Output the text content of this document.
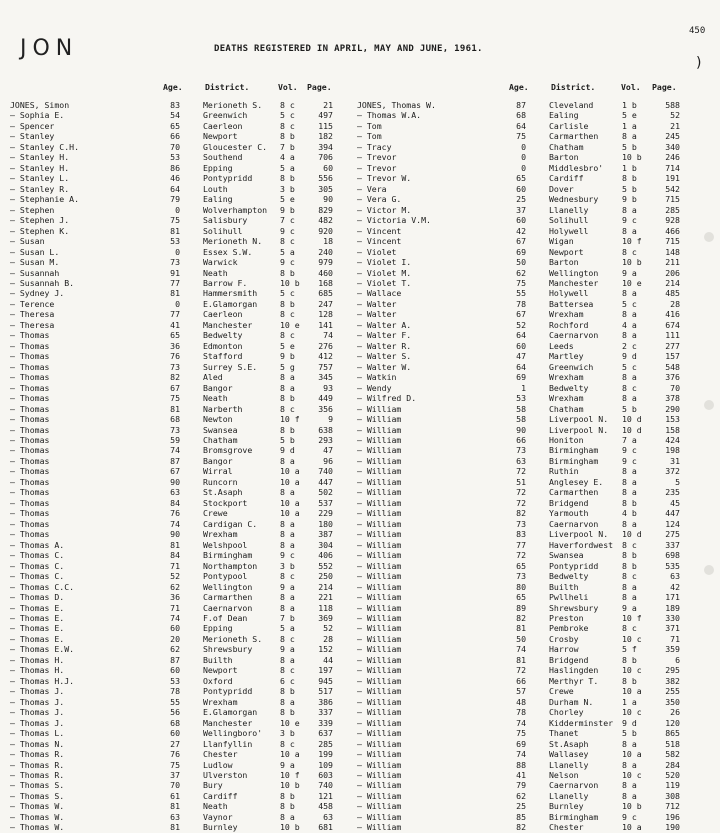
JON	DEATHS REGISTERED IN APRIL, MAY AND JUNE, 1961.
450
)
Age.	District.	Vol. Page.	Age.	District.	Vol. Page.
JONES, Simon	83	Merioneth S. 8 c	21
— Sophia E.	54	Greenwich	5 c	497
— Spencer	65	Caerleon	8 c	115
— Stanley	66	Newport	8 b	182
— Stanley C.H.	70	Gloucester C. 7 b	394
— Stanley H.	53	Southend	4 a	706
— Stanley H.	86	Epping	5 a	60
— Stanley L.	46	Pontypridd	8 b	556
— Stanley R.	64	Louth	3 b	305
— Stephanie A.	79	Ealing	5 e	90
— Stephen	0	Wolverhampton 9 b	829
— Stephen J.	75	Salisbury	7 c	482
— Stephen K.	81	Solihull	9 c	920
— Susan	53	Merioneth N. 8 c	18
— Susan L.	0	Essex S.W.	5 a	240
— Susan M.	73	Warwick	9 c	979
— Susannah	91	Neath	8 b	460
— Susannah B.	77	Barrow F.	10 b	168
— Sydney J.	81	Hammersmith	5 c	685
— Terence	0	E.Glamorgan	8 b	247
— Theresa	77	Caerleon	8 c	128
— Theresa	41	Manchester	10 e	141
— Thomas	65	Bedwelty	8 c	74
— Thomas	36	Edmonton	5 e	276
— Thomas	76	Stafford	9 b	412
— Thomas	73	Surrey S.E.	5 g	757
— Thomas	82	Aled	8 a	345
— Thomas	67	Bangor	8 a	93
— Thomas	75	Neath	8 b	449
— Thomas	81	Narberth	8 c	356
— Thomas	68	Newton	10 f	9
— Thomas	73	Swansea	8 b	638
— Thomas	59	Chatham	5 b	293
— Thomas	74	Bromsgrove	9 d	47
— Thomas	87	Bangor	8 a	96
— Thomas	67	Wirral	10 a	740
— Thomas	90	Runcorn	10 a	447
— Thomas	63	St.Asaph	8 a	502
— Thomas	84	Stockport	10 a	537
— Thomas	76	Crewe	10 a	229
— Thomas	74	Cardigan C.	8 a	180
— Thomas	90	Wrexham	8 a	387
— Thomas A.	81	Welshpool	8 a	304
— Thomas C.	84	Birmingham	9 c	406
— Thomas C.	71	Northampton	3 b	552
— Thomas C.	52	Pontypool	8 c	250
— Thomas C.C.	62	Wellington	9 a	214
— Thomas D.	36	Carmarthen	8 a	221
— Thomas E.	71	Caernarvon	8 a	118
— Thomas E.	74	F.of Dean	7 b	369
— Thomas E.	60	Epping	5 a	52
— Thomas E.	20	Merioneth S. 8 c	28
— Thomas E.W.	62	Shrewsbury	9 a	152
— Thomas H.	87	Builth	8 a	44
— Thomas H.	60	Newport	8 c	197
— Thomas H.J.	53	Oxford	6 c	945
— Thomas J.	78	Pontypridd	8 b	517
— Thomas J.	55	Wrexham	8 a	386
— Thomas J.	56	E.Glamorgan	8 b	337
— Thomas J.	68	Manchester	10 e	339
— Thomas L.	60	Wellingboro' 3 b	637
— Thomas N.	27	Llanfyllin	8 c	285
— Thomas R.	76	Chester	10 a	199
— Thomas R.	75	Ludlow	9 a	109
— Thomas R.	37	Ulverston	10 f	603
— Thomas S.	70	Bury	10 b	740
— Thomas S.	61	Cardiff	8 b	121
— Thomas W.	81	Neath	8 b	458
— Thomas W.	63	Vaynor	8 a	63
— Thomas W.	81	Burnley	10 b	681
JONES, Thomas W.	87	Cleveland	1 b	588
— Thomas W.A.	68	Ealing	5 e	52
— Tom	64	Carlisle	1 a	21
— Tom	75	Carmarthen	8 a	245
— Tracy	0	Chatham	5 b	340
— Trevor	0	Barton	10 b	246
— Trevor	0	Middlesbro' 1 b	714
— Trevor W.	65	Cardiff	8 b	191
— Vera	60	Dover	5 b	542
— Vera G.	25	Wednesbury	9 b	715
— Victor M.	37	Llanelly	8 a	285
— Victoria V.M.	60	Solihull	9 c	928
— Vincent	42	Holywell	8 a	466
— Vincent	67	Wigan	10 f	715
— Violet	69	Newport	8 c	148
— Violet I.	50	Barton	10 b	211
— Violet M.	62	Wellington	9 a	206
— Violet T.	75	Manchester	10 e	214
— Wallace	55	Holywell	8 a	485
— Walter	78	Battersea	5 c	28
— Walter	67	Wrexham	8 a	416
— Walter A.	52	Rochford	4 a	674
— Walter F.	64	Caernarvon	8 a	111
— Walter R.	60	Leeds	2 c	277
— Walter S.	47	Martley	9 d	157
— Walter W.	64	Greenwich	5 c	548
— Watkin	69	Wrexham	8 a	376
— Wendy	1	Bedwelty	8 c	70
— Wilfred D.	53	Wrexham	8 a	378
— William	58	Chatham	5 b	290
— William	58	Liverpool N. 10 d	153
— William	90	Liverpool N. 10 d	158
— William	66	Honiton	7 a	424
— William	73	Birmingham	9 c	198
— William	63	Birmingham	9 c	31
— William	72	Ruthin	8 a	372
— William	51	Anglesey E. 8 a	5
— William	72	Carmarthen	8 a	235
— William	72	Bridgend	8 b	45
— William	82	Yarmouth	4 b	447
— William	73	Caernarvon	8 a	124
— William	83	Liverpool N. 10 d	275
— William	77	Haverfordwest 8 c	337
— William	72	Swansea	8 b	698
— William	65	Pontypridd	8 b	535
— William	73	Bedwelty	8 c	63
— William	80	Builth	8 a	42
— William	65	Pwllheli	8 a	171
— William	89	Shrewsbury	9 a	189
— William	82	Preston	10 f	330
— William	81	Pembroke	8 c	371
— William	50	Crosby	10 c	71
— William	74	Harrow	5 f	359
— William	81	Bridgend	8 b	6
— William	72	Haslingden	10 c	295
— William	66	Merthyr T.	8 b	382
— William	57	Crewe	10 a	255
— William	48	Durham N.	1 a	350
— William	78	Chorley	10 c	26
— William	74	Kidderminster 9 d	120
— William	75	Thanet	5 b	865
— William	69	St.Asaph	8 a	518
— William	74	Wallasey	10 a	582
— William	88	Llanelly	8 a	284
— William	41	Nelson	10 c	520
— William	79	Caernarvon	8 a	119
— William	62	Llanelly	8 a	308
— William	25	Burnley	10 b	712
— William	85	Birmingham	9 c	196
— William	82	Chester	10 a	190
